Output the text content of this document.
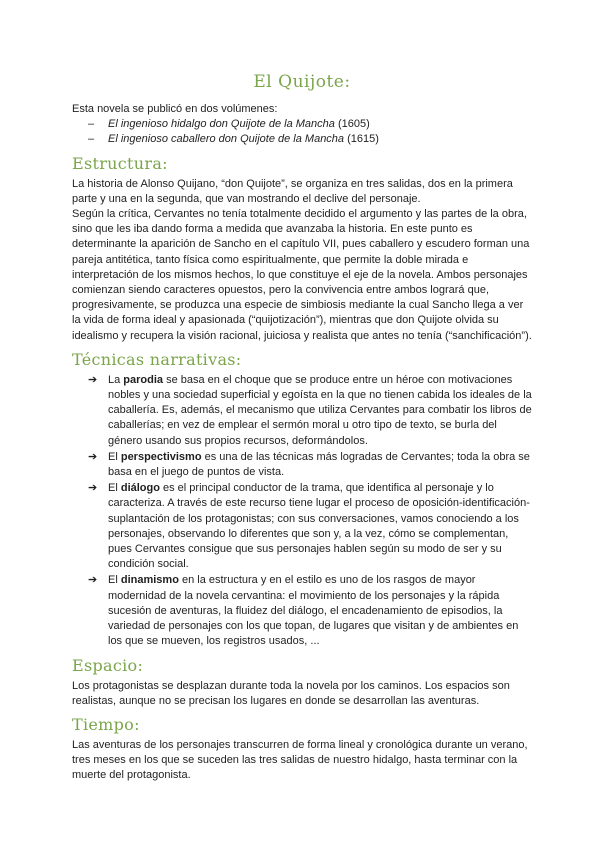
El Quijote:

Esta novela se publicó en dos volúmenes:

– El ingenioso hidalgo don Quijote de la Mancha (1605)
– El ingenioso caballero don Quijote de la Mancha (1615)
Estructura:

La historia de Alonso Quijano, “don Quijote”, se organiza en tres salidas, dos en la primera parte y una en la segunda, que van mostrando el declive del personaje.

Según la crítica, Cervantes no tenía totalmente decidido el argumento y las partes de la obra, sino que les iba dando forma a medida que avanzaba la historia. En este punto es determinante la aparición de Sancho en el capítulo VII, pues caballero y escudero forman una pareja antitética, tanto física como espiritualmente, que permite la doble mirada e interpretación de los mismos hechos, lo que constituye el eje de la novela. Ambos personajes comienzan siendo caracteres opuestos, pero la convivencia entre ambos logrará que, progresivamente, se produzca una especie de simbiosis mediante la cual Sancho llega a ver la vida de forma ideal y apasionada (“quijotización”), mientras que don Quijote olvida su idealismo y recupera la visión racional, juiciosa y realista que antes no tenía (“sanchificación”).

Técnicas narrativas:
➔ La parodia se basa en el choque que se produce entre un héroe con motivaciones nobles y una sociedad superficial y egoísta en la que no tienen cabida los ideales de la caballería. Es, además, el mecanismo que utiliza Cervantes para combatir los libros de caballerías; en vez de emplear el sermón moral u otro tipo de texto, se burla del género usando sus propios recursos, deformándolos.
➔ El perspectivismo es una de las técnicas más logradas de Cervantes; toda la obra se basa en el juego de puntos de vista.
➔ El diálogo es el principal conductor de la trama, que identifica al personaje y lo caracteriza. A través de este recurso tiene lugar el proceso de oposición-identificación-suplantación de los protagonistas; con sus conversaciones, vamos conociendo a los personajes, observando lo diferentes que son y, a la vez, cómo se complementan, pues Cervantes consigue que sus personajes hablen según su modo de ser y su condición social.
➔ El dinamismo en la estructura y en el estilo es uno de los rasgos de mayor modernidad de la novela cervantina: el movimiento de los personajes y la rápida sucesión de aventuras, la fluidez del diálogo, el encadenamiento de episodios, la variedad de personajes con los que topan, de lugares que visitan y de ambientes en los que se mueven, los registros usados, ...
Espacio:

Los protagonistas se desplazan durante toda la novela por los caminos. Los espacios son realistas, aunque no se precisan los lugares en donde se desarrollan las aventuras.

Tiempo:

Las aventuras de los personajes transcurren de forma lineal y cronológica durante un verano, tres meses en los que se suceden las tres salidas de nuestro hidalgo, hasta terminar con la muerte del protagonista.
